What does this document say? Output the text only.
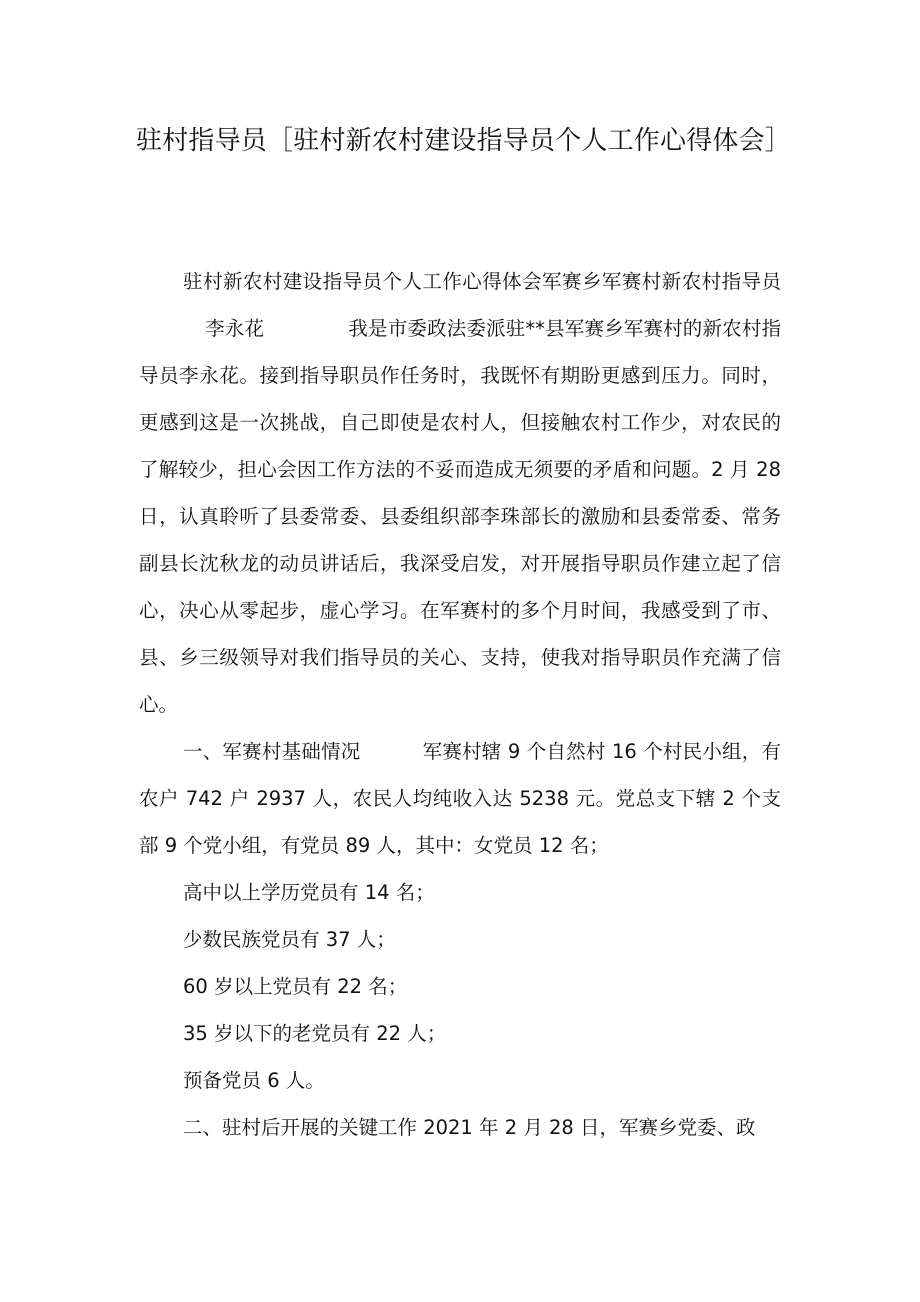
驻村指导员［驻村新农村建设指导员个人工作心得体会］

驻村新农村建设指导员个人工作心得体会军赛乡军赛村新农村指导员李永花	我是市委政法委派驻**县军赛乡军赛村的新农村指导员李永花。接到指导职员作任务时，我既怀有期盼更感到压力。同时，更感到这是一次挑战，自己即使是农村人，但接触农村工作少，对农民的了解较少，担心会因工作方法的不妥而造成无须要的矛盾和问题。2 月 28 日，认真聆听了县委常委、县委组织部李珠部长的激励和县委常委、常务副县长沈秋龙的动员讲话后，我深受启发，对开展指导职员作建立起了信心，决心从零起步，虚心学习。在军赛村的多个月时间，我感受到了市、县、乡三级领导对我们指导员的关心、支持，使我对指导职员作充满了信心。

一、军赛村基础情况	军赛村辖 9 个自然村 16 个村民小组，有农户 742 户 2937 人，农民人均纯收入达 5238 元。党总支下辖 2 个支部 9 个党小组，有党员 89 人，其中：女党员 12 名；

高中以上学历党员有 14 名；

少数民族党员有 37 人；

60 岁以上党员有 22 名；

35 岁以下的老党员有 22 人；

预备党员 6 人。

二、驻村后开展的关键工作 2021 年 2 月 28 日，军赛乡党委、政
